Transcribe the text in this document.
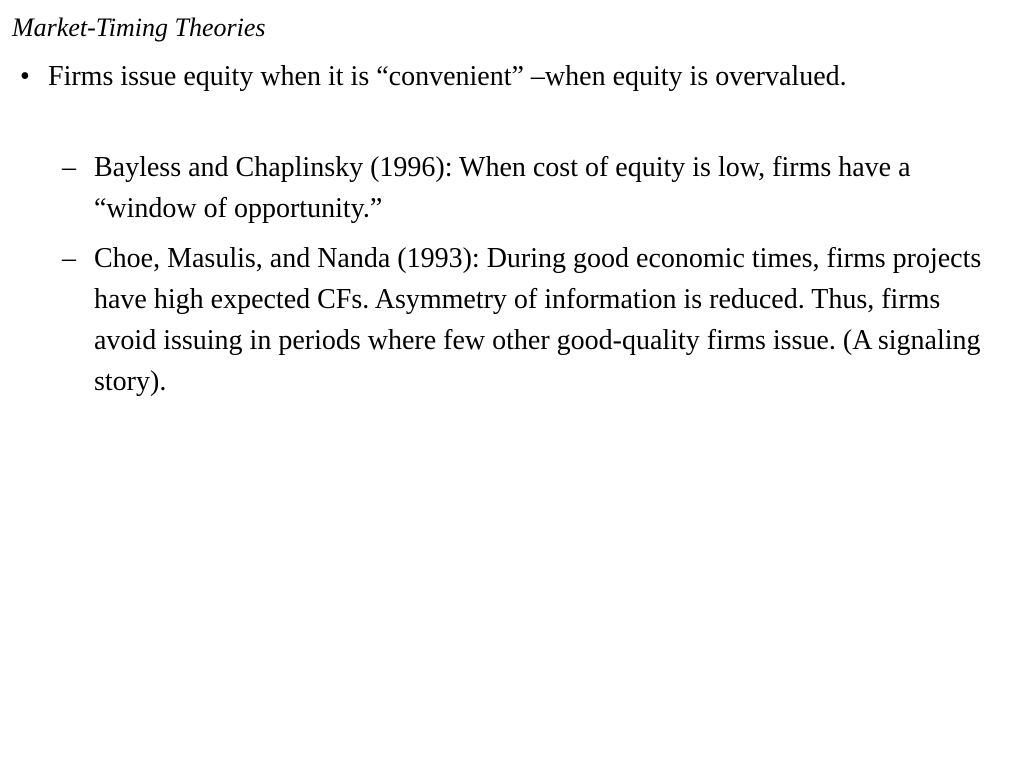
Market-Timing Theories
• Firms issue equity when it is “convenient” –when equity is overvalued.
– Bayless and Chaplinsky (1996): When cost of equity is low, firms have a “window of opportunity.”
– Choe, Masulis, and Nanda (1993): During good economic times, firms projects have high expected CFs. Asymmetry of information is reduced. Thus, firms avoid issuing in periods where few other good-quality firms issue. (A signaling story).
